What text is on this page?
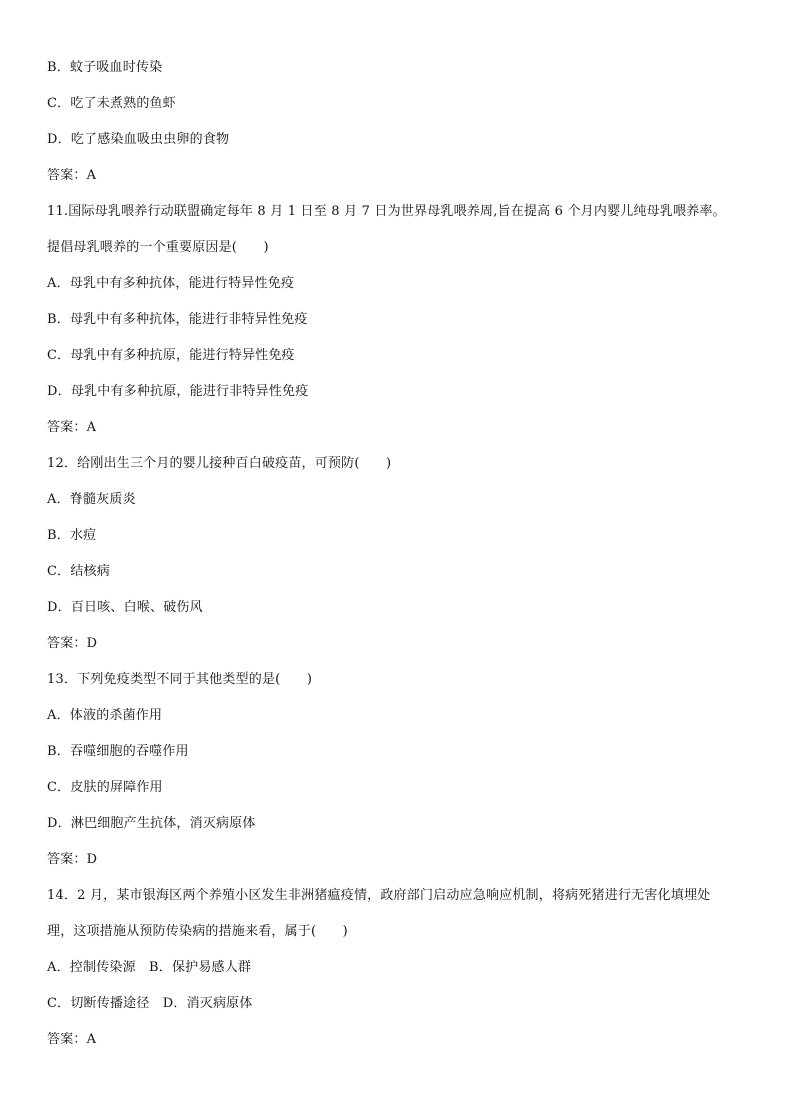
B．蚊子吸血时传染
C．吃了未煮熟的鱼虾
D．吃了感染血吸虫虫卵的食物
答案：A
11.国际母乳喂养行动联盟确定每年 8 月 1 日至 8 月 7 日为世界母乳喂养周,旨在提高 6 个月内婴儿纯母乳喂养率。
提倡母乳喂养的一个重要原因是(　　)
A．母乳中有多种抗体，能进行特异性免疫
B．母乳中有多种抗体，能进行非特异性免疫
C．母乳中有多种抗原，能进行特异性免疫
D．母乳中有多种抗原，能进行非特异性免疫
答案：A
12．给刚出生三个月的婴儿接种百白破疫苗，可预防(　　)
A．脊髓灰质炎
B．水痘
C．结核病
D．百日咳、白喉、破伤风
答案：D
13．下列免疫类型不同于其他类型的是(　　)
A．体液的杀菌作用
B．吞噬细胞的吞噬作用
C．皮肤的屏障作用
D．淋巴细胞产生抗体，消灭病原体
答案：D
14．2 月，某市银海区两个养殖小区发生非洲猪瘟疫情，政府部门启动应急响应机制，将病死猪进行无害化填埋处
理，这项措施从预防传染病的措施来看，属于(　　)
A．控制传染源　B．保护易感人群
C．切断传播途径　D．消灭病原体
答案：A
